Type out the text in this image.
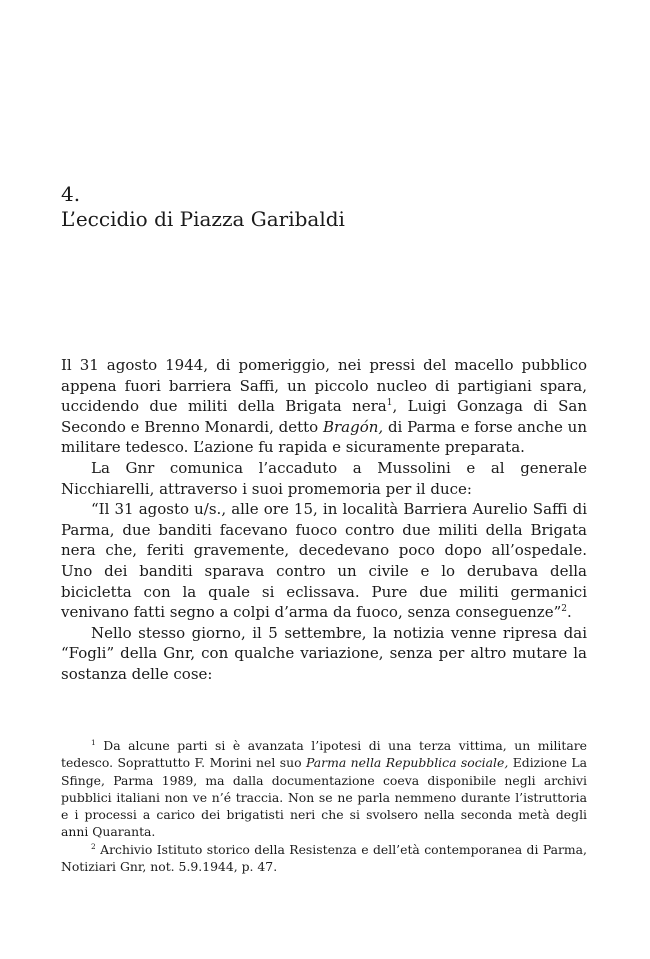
4.
L’eccidio di Piazza Garibaldi

Il 31 agosto 1944, di pomeriggio, nei pressi del macello pubblico appena fuori barriera Saffi, un piccolo nucleo di partigiani spara, uccidendo due militi della Brigata nera$^1$, Luigi Gonzaga di San Secondo e Brenno Monardi, detto Bragón, di Parma e forse anche un militare tedesco. L’azione fu rapida e sicuramente preparata.

La Gnr comunica l’accaduto a Mussolini e al generale Nicchiarelli, attraverso i suoi promemoria per il duce:

“Il 31 agosto u/s., alle ore 15, in località Barriera Aurelio Saffi di Parma, due banditi facevano fuoco contro due militi della Brigata nera che, feriti gravemente, decedevano poco dopo all’ospedale. Uno dei banditi sparava contro un civile e lo derubava della bicicletta con la quale si eclissava. Pure due militi germanici venivano fatti segno a colpi d’arma da fuoco, senza conseguenze”$^2$.

Nello stesso giorno, il 5 settembre, la notizia venne ripresa dai “Fogli” della Gnr, con qualche variazione, senza per altro mutare la sostanza delle cose:

$^1$ Da alcune parti si è avanzata l’ipotesi di una terza vittima, un militare tedesco. Soprattutto F. Morini nel suo Parma nella Repubblica sociale, Edizione La Sfinge, Parma 1989, ma dalla documentazione coeva disponibile negli archivi pubblici italiani non ve n’é traccia. Non se ne parla nemmeno durante l’istruttoria e i processi a carico dei brigatisti neri che si svolsero nella seconda metà degli anni Quaranta.

$^2$ Archivio Istituto storico della Resistenza e dell’età contemporanea di Parma, Notiziari Gnr, not. 5.9.1944, p. 47.
